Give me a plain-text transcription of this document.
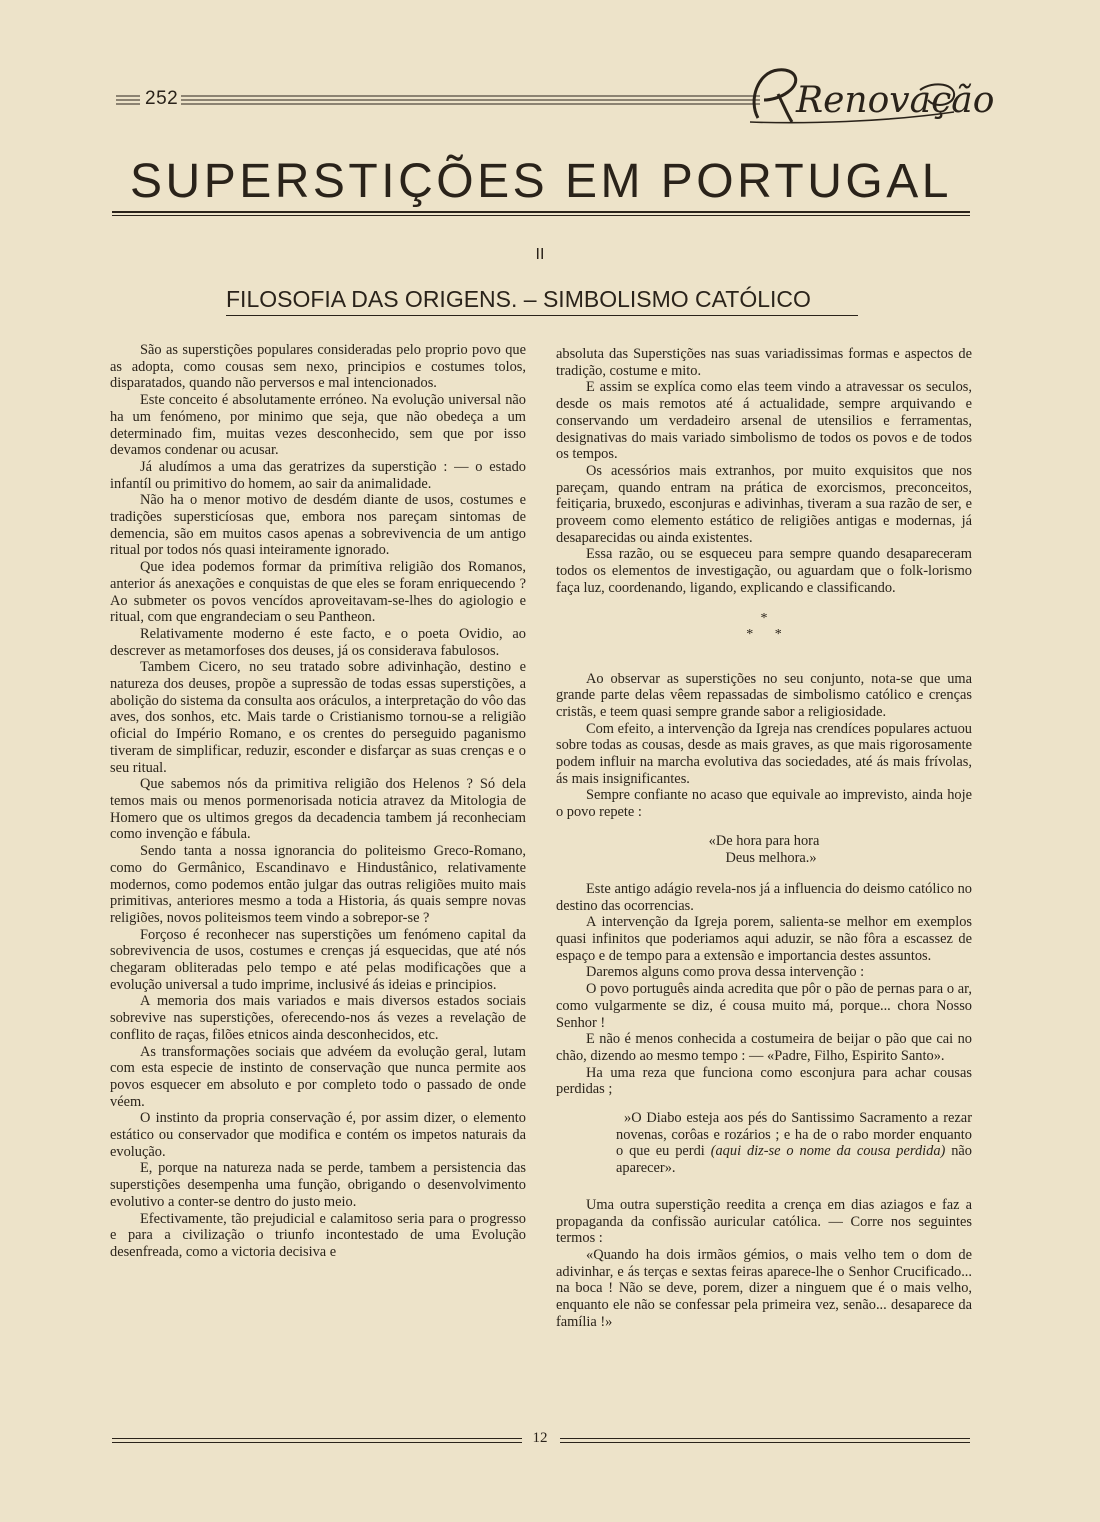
252	Renovação
SUPERSTIÇÕES EM PORTUGAL
II
FILOSOFIA DAS ORIGENS. – SIMBOLISMO CATÓLICO

São as superstições populares consideradas pelo proprio povo que as adopta, como cousas sem nexo, principios e costumes tolos, disparatados, quando não perversos e mal intencionados.

Este conceito é absolutamente erróneo. Na evolução universal não ha um fenómeno, por minimo que seja, que não obedeça a um determinado fim, muitas vezes desconhecido, sem que por isso devamos condenar ou acusar.

Já aludímos a uma das geratrizes da superstição : — o estado infantíl ou primitivo do homem, ao sair da animalidade.

Não ha o menor motivo de desdém diante de usos, costumes e tradições supersticíosas que, embora nos pareçam sintomas de demencia, são em muitos casos apenas a sobrevivencia de um antigo ritual por todos nós quasi inteiramente ignorado.

Que idea podemos formar da primítiva religião dos Romanos, anterior ás anexações e conquistas de que eles se foram enriquecendo ? Ao submeter os povos vencídos aproveitavam-se-lhes do agiologio e ritual, com que engrandeciam o seu Pantheon.

Relativamente moderno é este facto, e o poeta Ovidio, ao descrever as metamorfoses dos deuses, já os considerava fabulosos.

Tambem Cicero, no seu tratado sobre adivinhação, destino e natureza dos deuses, propõe a supressão de todas essas superstições, a abolição do sistema da consulta aos oráculos, a interpretação do vôo das aves, dos sonhos, etc. Mais tarde o Cristianismo tornou-se a religião oficial do Império Romano, e os crentes do perseguido paganismo tiveram de simplificar, reduzir, esconder e disfarçar as suas crenças e o seu ritual.

Que sabemos nós da primitiva religião dos Helenos ? Só dela temos mais ou menos pormenorisada noticia atravez da Mitologia de Homero que os ultimos gregos da decadencia tambem já reconheciam como invenção e fábula.

Sendo tanta a nossa ignorancia do politeismo Greco-Romano, como do Germânico, Escandinavo e Hindustânico, relativamente modernos, como podemos então julgar das outras religiões muito mais primitivas, anteriores mesmo a toda a Historia, ás quais sempre novas religiões, novos politeismos teem vindo a sobrepor-se ?

Forçoso é reconhecer nas superstições um fenómeno capital da sobrevivencia de usos, costumes e crenças já esquecidas, que até nós chegaram obliteradas pelo tempo e até pelas modificações que a evolução universal a tudo imprime, inclusivé ás ideias e principios.

A memoria dos mais variados e mais diversos estados sociais sobrevive nas superstições, oferecendo-nos ás vezes a revelação de conflito de raças, filões etnicos ainda desconhecidos, etc.

As transformações sociais que advéem da evolução geral, lutam com esta especie de instinto de conservação que nunca permite aos povos esquecer em absoluto e por completo todo o passado de onde véem.

O instinto da propria conservação é, por assim dizer, o elemento estático ou conservador que modifica e contém os impetos naturais da evolução.

E, porque na natureza nada se perde, tambem a persistencia das superstições desempenha uma função, obrigando o desenvolvimento evolutivo a conter-se dentro do justo meio.

Efectivamente, tão prejudicial e calamitoso seria para o progresso e para a civilização o triunfo incontestado de uma Evolução desenfreada, como a victoria decisiva e

absoluta das Superstições nas suas variadissimas formas e aspectos de tradição, costume e mito.

E assim se explíca como elas teem vindo a atravessar os seculos, desde os mais remotos até á actualidade, sempre arquivando e conservando um verdadeiro arsenal de utensilios e ferramentas, designativas do mais variado simbolismo de todos os povos e de todos os tempos.

Os acessórios mais extranhos, por muito exquisitos que nos pareçam, quando entram na prática de exorcismos, preconceitos, feitiçaria, bruxedo, esconjuras e adivinhas, tiveram a sua razão de ser, e proveem como elemento estático de religiões antigas e modernas, já desaparecidas ou ainda existentes.

Essa razão, ou se esqueceu para sempre quando desapareceram todos os elementos de investigação, ou aguardam que o folk-lorismo faça luz, coordenando, ligando, explicando e classificando.

*
* *

Ao observar as superstições no seu conjunto, nota-se que uma grande parte delas vêem repassadas de simbolismo católico e crenças cristãs, e teem quasi sempre grande sabor a religiosidade.

Com efeito, a intervenção da Igreja nas crendíces populares actuou sobre todas as cousas, desde as mais graves, as que mais rigorosamente podem influir na marcha evolutiva das sociedades, até ás mais frívolas, ás mais insignificantes.

Sempre confiante no acaso que equivale ao imprevisto, ainda hoje o povo repete :

«De hora para hora
Deus melhora.»

Este antigo adágio revela-nos já a influencia do deismo católico no destino das ocorrencias.

A intervenção da Igreja porem, salienta-se melhor em exemplos quasi infinitos que poderiamos aqui aduzir, se não fôra a escassez de espaço e de tempo para a extensão e importancia destes assuntos.

Daremos alguns como prova dessa intervenção :

O povo português ainda acredita que pôr o pão de pernas para o ar, como vulgarmente se diz, é cousa muito má, porque... chora Nosso Senhor !

E não é menos conhecida a costumeira de beijar o pão que cai no chão, dizendo ao mesmo tempo : — «Padre, Filho, Espirito Santo».

Ha uma reza que funciona como esconjura para achar cousas perdidas ;

»O Diabo esteja aos pés do Santissimo Sacramento a rezar novenas, corôas e rozários ; e ha de o rabo morder enquanto o que eu perdi (aqui diz-se o nome da cousa perdida) não aparecer».

Uma outra superstição reedita a crença em dias aziagos e faz a propaganda da confissão auricular católica. — Corre nos seguintes termos :

«Quando ha dois irmãos gémios, o mais velho tem o dom de adivinhar, e ás terças e sextas feiras aparece-lhe o Senhor Crucificado... na boca ! Não se deve, porem, dizer a ninguem que é o mais velho, enquanto ele não se confessar pela primeira vez, senão... desaparece da família !»

12
